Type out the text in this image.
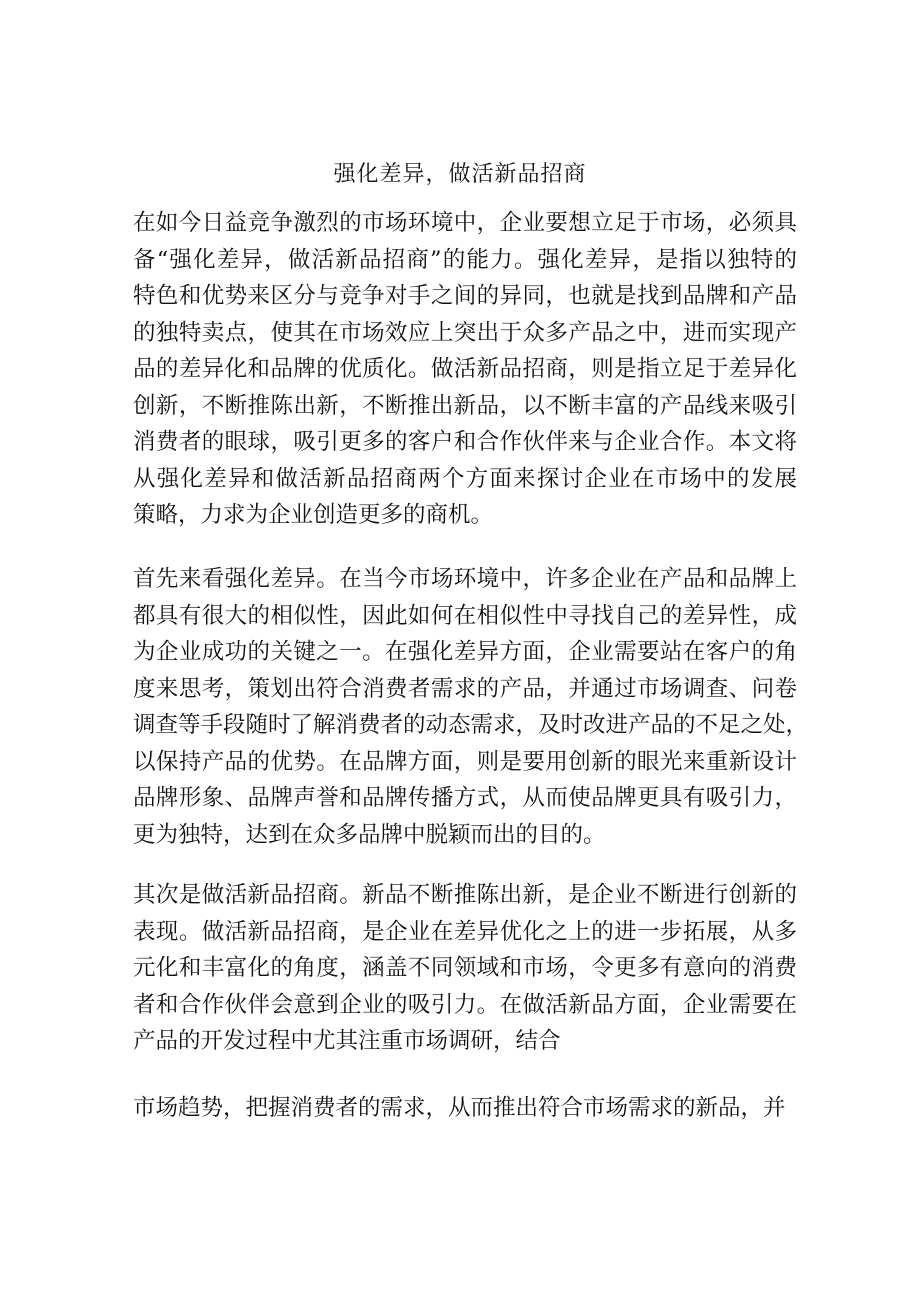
强化差异，做活新品招商
在如今日益竞争激烈的市场环境中，企业要想立足于市场，必须具
备“强化差异，做活新品招商”的能力。强化差异，是指以独特的
特色和优势来区分与竞争对手之间的异同，也就是找到品牌和产品
的独特卖点，使其在市场效应上突出于众多产品之中，进而实现产
品的差异化和品牌的优质化。做活新品招商，则是指立足于差异化
创新，不断推陈出新，不断推出新品，以不断丰富的产品线来吸引
消费者的眼球，吸引更多的客户和合作伙伴来与企业合作。本文将
从强化差异和做活新品招商两个方面来探讨企业在市场中的发展
策略，力求为企业创造更多的商机。
首先来看强化差异。在当今市场环境中，许多企业在产品和品牌上
都具有很大的相似性，因此如何在相似性中寻找自己的差异性，成
为企业成功的关键之一。在强化差异方面，企业需要站在客户的角
度来思考，策划出符合消费者需求的产品，并通过市场调查、问卷
调查等手段随时了解消费者的动态需求，及时改进产品的不足之处，
以保持产品的优势。在品牌方面，则是要用创新的眼光来重新设计
品牌形象、品牌声誉和品牌传播方式，从而使品牌更具有吸引力，
更为独特，达到在众多品牌中脱颖而出的目的。
其次是做活新品招商。新品不断推陈出新，是企业不断进行创新的
表现。做活新品招商，是企业在差异优化之上的进一步拓展，从多
元化和丰富化的角度，涵盖不同领域和市场，令更多有意向的消费
者和合作伙伴会意到企业的吸引力。在做活新品方面，企业需要在
产品的开发过程中尤其注重市场调研，结合
市场趋势，把握消费者的需求，从而推出符合市场需求的新品，并
